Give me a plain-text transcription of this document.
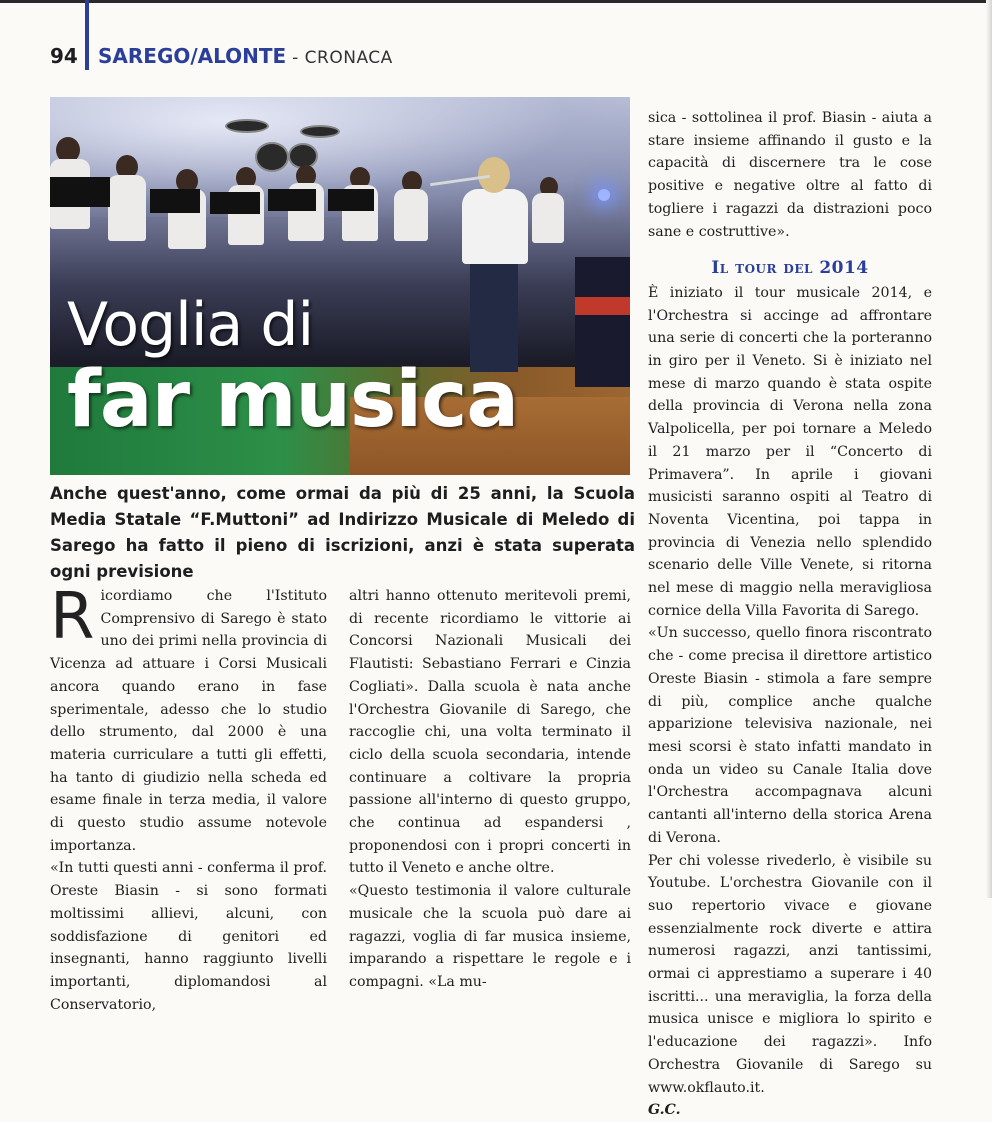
94 SAREGO/ALONTE - CRONACA
Voglia di
far musica
Anche quest'anno, come ormai da più di 25 anni, la Scuola Media Statale “F.Muttoni” ad Indirizzo Musicale di Meledo di Sarego ha fatto il pieno di iscrizioni, anzi è stata superata ogni previsione

Ricordiamo che l'Istituto Comprensivo di Sarego è stato uno dei primi nella provincia di Vicenza ad attuare i Corsi Musicali ancora quando erano in fase sperimentale, adesso che lo studio dello strumento, dal 2000 è una materia curriculare a tutti gli effetti, ha tanto di giudizio nella scheda ed esame finale in terza media, il valore di questo studio assume notevole importanza.

«In tutti questi anni - conferma il prof. Oreste Biasin - si sono formati moltissimi allievi, alcuni, con soddisfazione di genitori ed insegnanti, hanno raggiunto livelli importanti, diplomandosi al Conservatorio,

altri hanno ottenuto meritevoli premi, di recente ricordiamo le vittorie ai Concorsi Nazionali Musicali dei Flautisti: Sebastiano Ferrari e Cinzia Cogliati». Dalla scuola è nata anche l'Orchestra Giovanile di Sarego, che raccoglie chi, una volta terminato il ciclo della scuola secondaria, intende continuare a coltivare la propria passione all'interno di questo gruppo, che continua ad espandersi , proponendosi con i propri concerti in tutto il Veneto e anche oltre.

«Questo testimonia il valore culturale musicale che la scuola può dare ai ragazzi, voglia di far musica insieme, imparando a rispettare le regole e i compagni. «La mu-

sica - sottolinea il prof. Biasin - aiuta a stare insieme affinando il gusto e la capacità di discernere tra le cose positive e negative oltre al fatto di togliere i ragazzi da distrazioni poco sane e costruttive».

Il tour del 2014

È iniziato il tour musicale 2014, e l'Orchestra si accinge ad affrontare una serie di concerti che la porteranno in giro per il Veneto. Si è iniziato nel mese di marzo quando è stata ospite della provincia di Verona nella zona Valpolicella, per poi tornare a Meledo il 21 marzo per il “Concerto di Primavera”. In aprile i giovani musicisti saranno ospiti al Teatro di Noventa Vicentina, poi tappa in provincia di Venezia nello splendido scenario delle Ville Venete, si ritorna nel mese di maggio nella meravigliosa cornice della Villa Favorita di Sarego.

«Un successo, quello finora riscontrato che - come precisa il direttore artistico Oreste Biasin - stimola a fare sempre di più, complice anche qualche apparizione televisiva nazionale, nei mesi scorsi è stato infatti mandato in onda un video su Canale Italia dove l'Orchestra accompagnava alcuni cantanti all'interno della storica Arena di Verona.

Per chi volesse rivederlo, è visibile su Youtube. L'orchestra Giovanile con il suo repertorio vivace e giovane essenzialmente rock diverte e attira numerosi ragazzi, anzi tantissimi, ormai ci apprestiamo a superare i 40 iscritti... una meraviglia, la forza della musica unisce e migliora lo spirito e l'educazione dei ragazzi». Info Orchestra Giovanile di Sarego su www.okflauto.it.

G.C.
